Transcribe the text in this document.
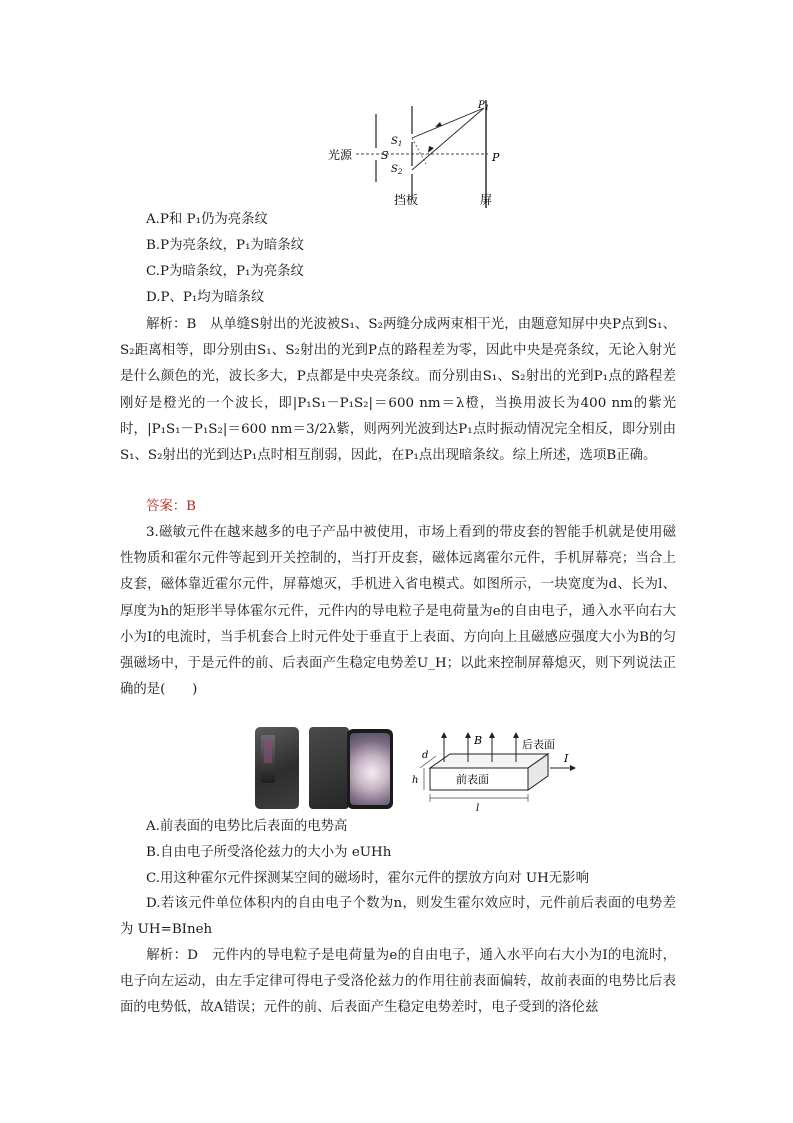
光源	S
$S_1$
$S_2$
$P_1$
P
挡板	屏
A.P和 P₁仍为亮条纹
B.P为亮条纹，P₁为暗条纹
C.P为暗条纹，P₁为亮条纹
D.P、P₁均为暗条纹
解析：B　从单缝S射出的光波被S₁、S₂两缝分成两束相干光，由题意知屏中央P点到S₁、S₂距离相等，即分别由S₁、S₂射出的光到P点的路程差为零，因此中央是亮条纹，无论入射光是什么颜色的光，波长多大，P点都是中央亮条纹。而分别由S₁、S₂射出的光到P₁点的路程差刚好是橙光的一个波长，即|P₁S₁－P₁S₂|＝600 nm＝λ橙，当换用波长为400 nm的紫光时，|P₁S₁－P₁S₂|＝600 nm＝3/2λ紫，则两列光波到达P₁点时振动情况完全相反，即分别由S₁、S₂射出的光到达P₁点时相互削弱，因此，在P₁点出现暗条纹。综上所述，选项B正确。
答案：B
3.磁敏元件在越来越多的电子产品中被使用，市场上看到的带皮套的智能手机就是使用磁性物质和霍尔元件等起到开关控制的，当打开皮套，磁体远离霍尔元件，手机屏幕亮；当合上皮套，磁体靠近霍尔元件，屏幕熄灭，手机进入省电模式。如图所示，一块宽度为d、长为l、厚度为h的矩形半导体霍尔元件，元件内的导电粒子是电荷量为e的自由电子，通入水平向右大小为I的电流时，当手机套合上时元件处于垂直于上表面、方向向上且磁感应强度大小为B的匀强磁场中，于是元件的前、后表面产生稳定电势差U_H；以此来控制屏幕熄灭，则下列说法正确的是(　　)
B	后表面
前表面
I
d
h
l
A.前表面的电势比后表面的电势高
B.自由电子所受洛伦兹力的大小为 eUHh
C.用这种霍尔元件探测某空间的磁场时，霍尔元件的摆放方向对 UH无影响
D.若该元件单位体积内的自由电子个数为n，则发生霍尔效应时，元件前后表面的电势差为 UH=BIneh
解析：D　元件内的导电粒子是电荷量为e的自由电子，通入水平向右大小为I的电流时，电子向左运动，由左手定律可得电子受洛伦兹力的作用往前表面偏转，故前表面的电势比后表面的电势低，故A错误；元件的前、后表面产生稳定电势差时，电子受到的洛伦兹
